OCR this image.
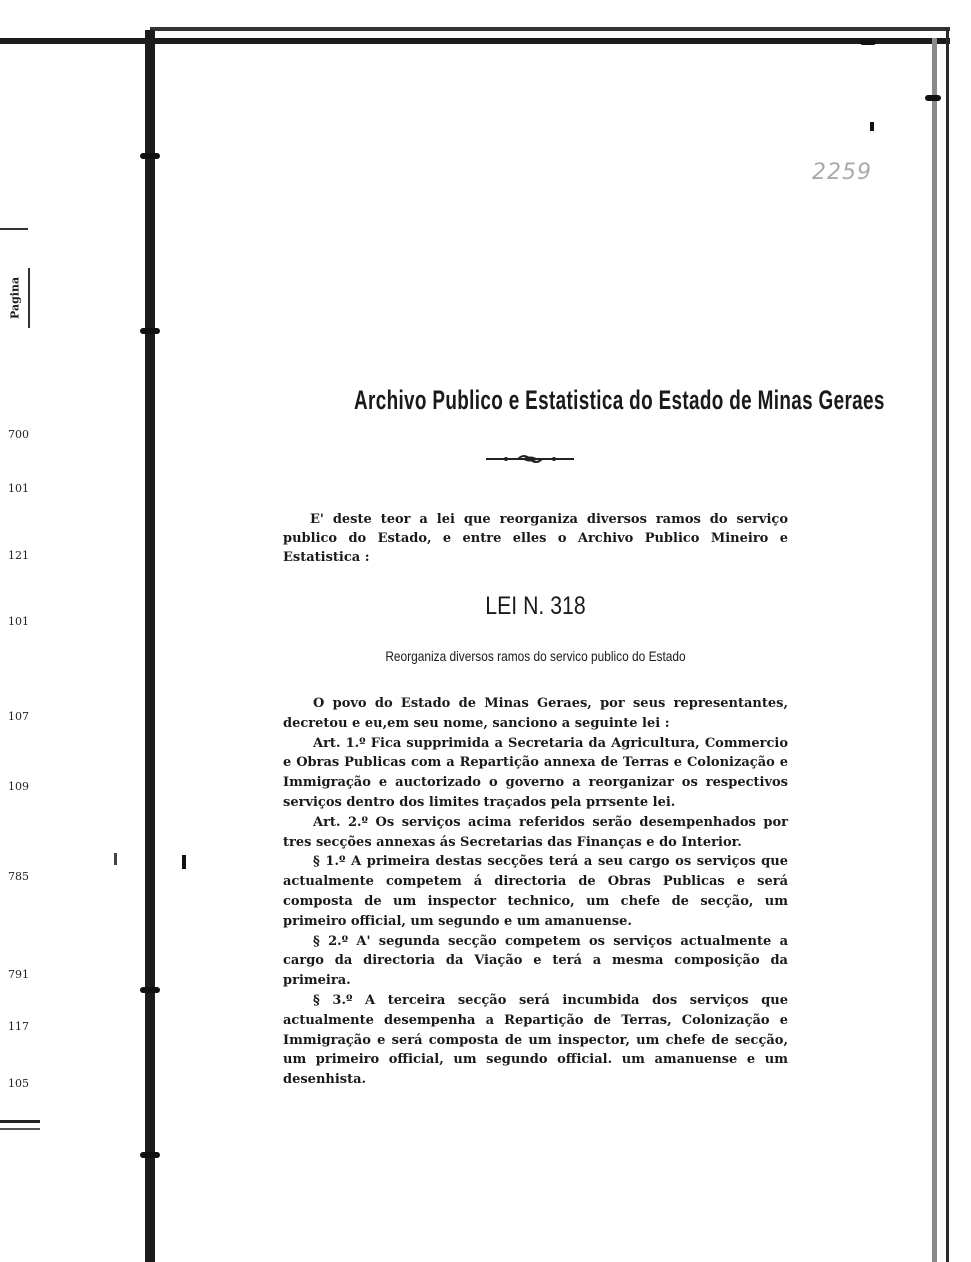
Pagina
700
101
121
101
107
109
785
791
117
105
2259
Archivo Publico e Estatistica do Estado de Minas Geraes

E' deste teor a lei que reorganiza diversos ramos do serviço publico do Estado, e entre elles o Archivo Publico Mineiro e Estatistica :

LEI N. 318
Reorganiza diversos ramos do servico publico do Estado

O povo do Estado de Minas Geraes, por seus representantes, decretou e eu,em seu nome, sanciono a seguinte lei :

Art. 1.º Fica supprimida a Secretaria da Agricultura, Commercio e Obras Publicas com a Repartição annexa de Terras e Colonização e Immigração e auctorizado o governo a reorganizar os respectivos serviços dentro dos limites traçados pela prrsente lei.

Art. 2.º Os serviços acima referidos serão desempenhados por tres secções annexas ás Secretarias das Finanças e do Interior.

§ 1.º A primeira destas secções terá a seu cargo os serviços que actualmente competem á directoria de Obras Publicas e será composta de um inspector technico, um chefe de secção, um primeiro official, um segundo e um amanuense.

§ 2.º A' segunda secção competem os serviços actualmente a cargo da directoria da Viação e terá a mesma composição da primeira.

§ 3.º A terceira secção será incumbida dos serviços que actualmente desempenha a Repartição de Terras, Colonização e Immigração e será composta de um inspector, um chefe de secção, um primeiro official, um segundo official. um amanuense e um desenhista.
